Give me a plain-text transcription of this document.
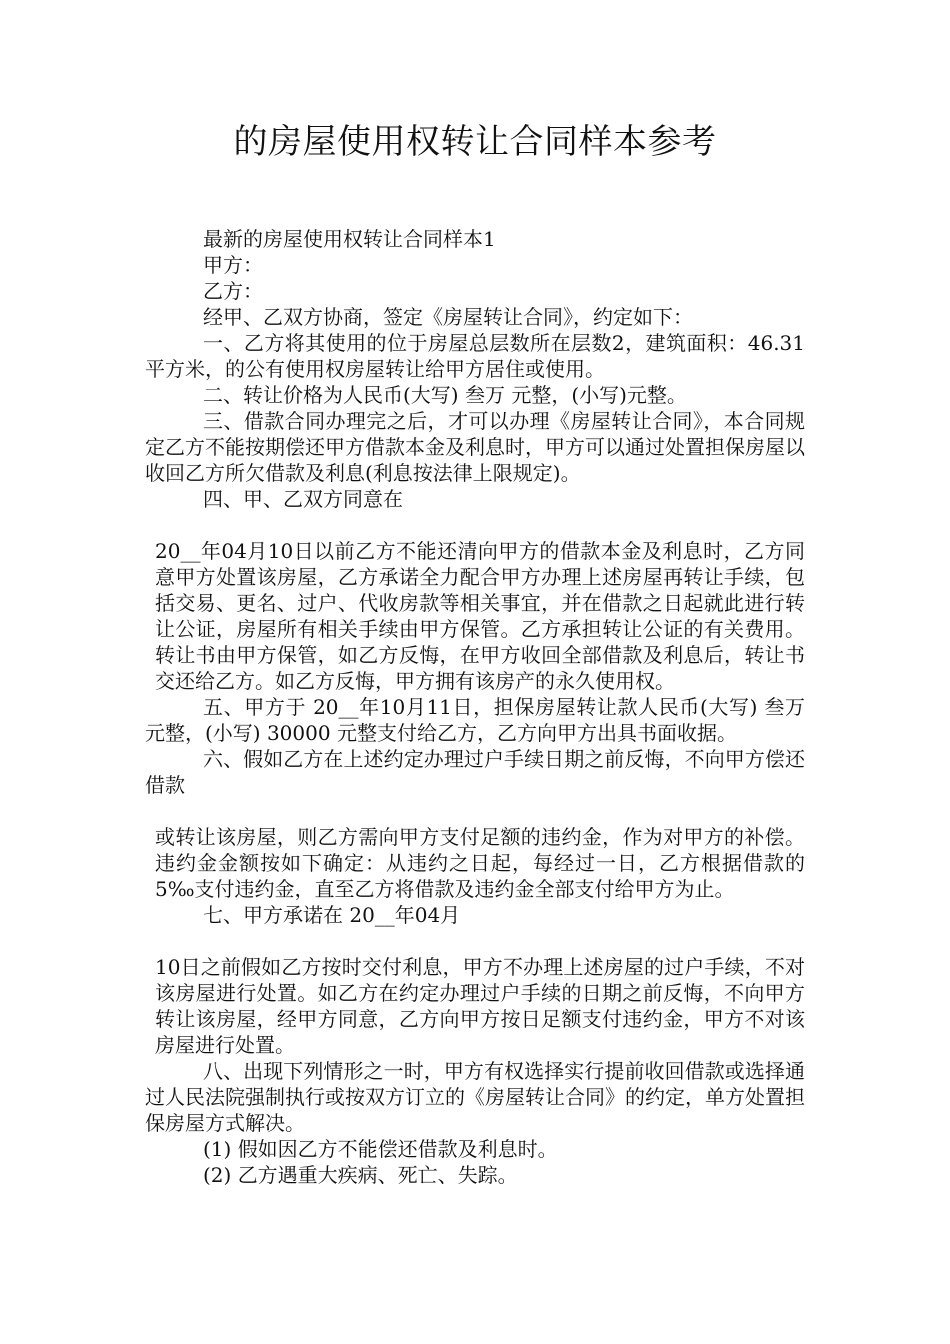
的房屋使用权转让合同样本参考

最新的房屋使用权转让合同样本1

甲方：

乙方：

经甲、乙双方协商，签定《房屋转让合同》，约定如下：

一、乙方将其使用的位于房屋总层数所在层数2，建筑面积：46.31平方米，的公有使用权房屋转让给甲方居住或使用。

二、转让价格为人民币(大写) 叁万 元整，(小写)元整。

三、借款合同办理完之后，才可以办理《房屋转让合同》，本合同规定乙方不能按期偿还甲方借款本金及利息时，甲方可以通过处置担保房屋以收回乙方所欠借款及利息(利息按法律上限规定)。

四、甲、乙双方同意在

20__年04月10日以前乙方不能还清向甲方的借款本金及利息时，乙方同意甲方处置该房屋，乙方承诺全力配合甲方办理上述房屋再转让手续，包括交易、更名、过户、代收房款等相关事宜，并在借款之日起就此进行转让公证，房屋所有相关手续由甲方保管。乙方承担转让公证的有关费用。转让书由甲方保管，如乙方反悔，在甲方收回全部借款及利息后，转让书交还给乙方。如乙方反悔，甲方拥有该房产的永久使用权。

五、甲方于 20__年10月11日，担保房屋转让款人民币(大写) 叁万 元整，(小写) 30000 元整支付给乙方，乙方向甲方出具书面收据。

六、假如乙方在上述约定办理过户手续日期之前反悔，不向甲方偿还借款

或转让该房屋，则乙方需向甲方支付足额的违约金，作为对甲方的补偿。违约金金额按如下确定：从违约之日起，每经过一日，乙方根据借款的5‰支付违约金，直至乙方将借款及违约金全部支付给甲方为止。

七、甲方承诺在 20__年04月

10日之前假如乙方按时交付利息，甲方不办理上述房屋的过户手续，不对该房屋进行处置。如乙方在约定办理过户手续的日期之前反悔，不向甲方转让该房屋，经甲方同意，乙方向甲方按日足额支付违约金，甲方不对该房屋进行处置。

八、出现下列情形之一时，甲方有权选择实行提前收回借款或选择通过人民法院强制执行或按双方订立的《房屋转让合同》的约定，单方处置担保房屋方式解决。

(1) 假如因乙方不能偿还借款及利息时。

(2) 乙方遇重大疾病、死亡、失踪。
